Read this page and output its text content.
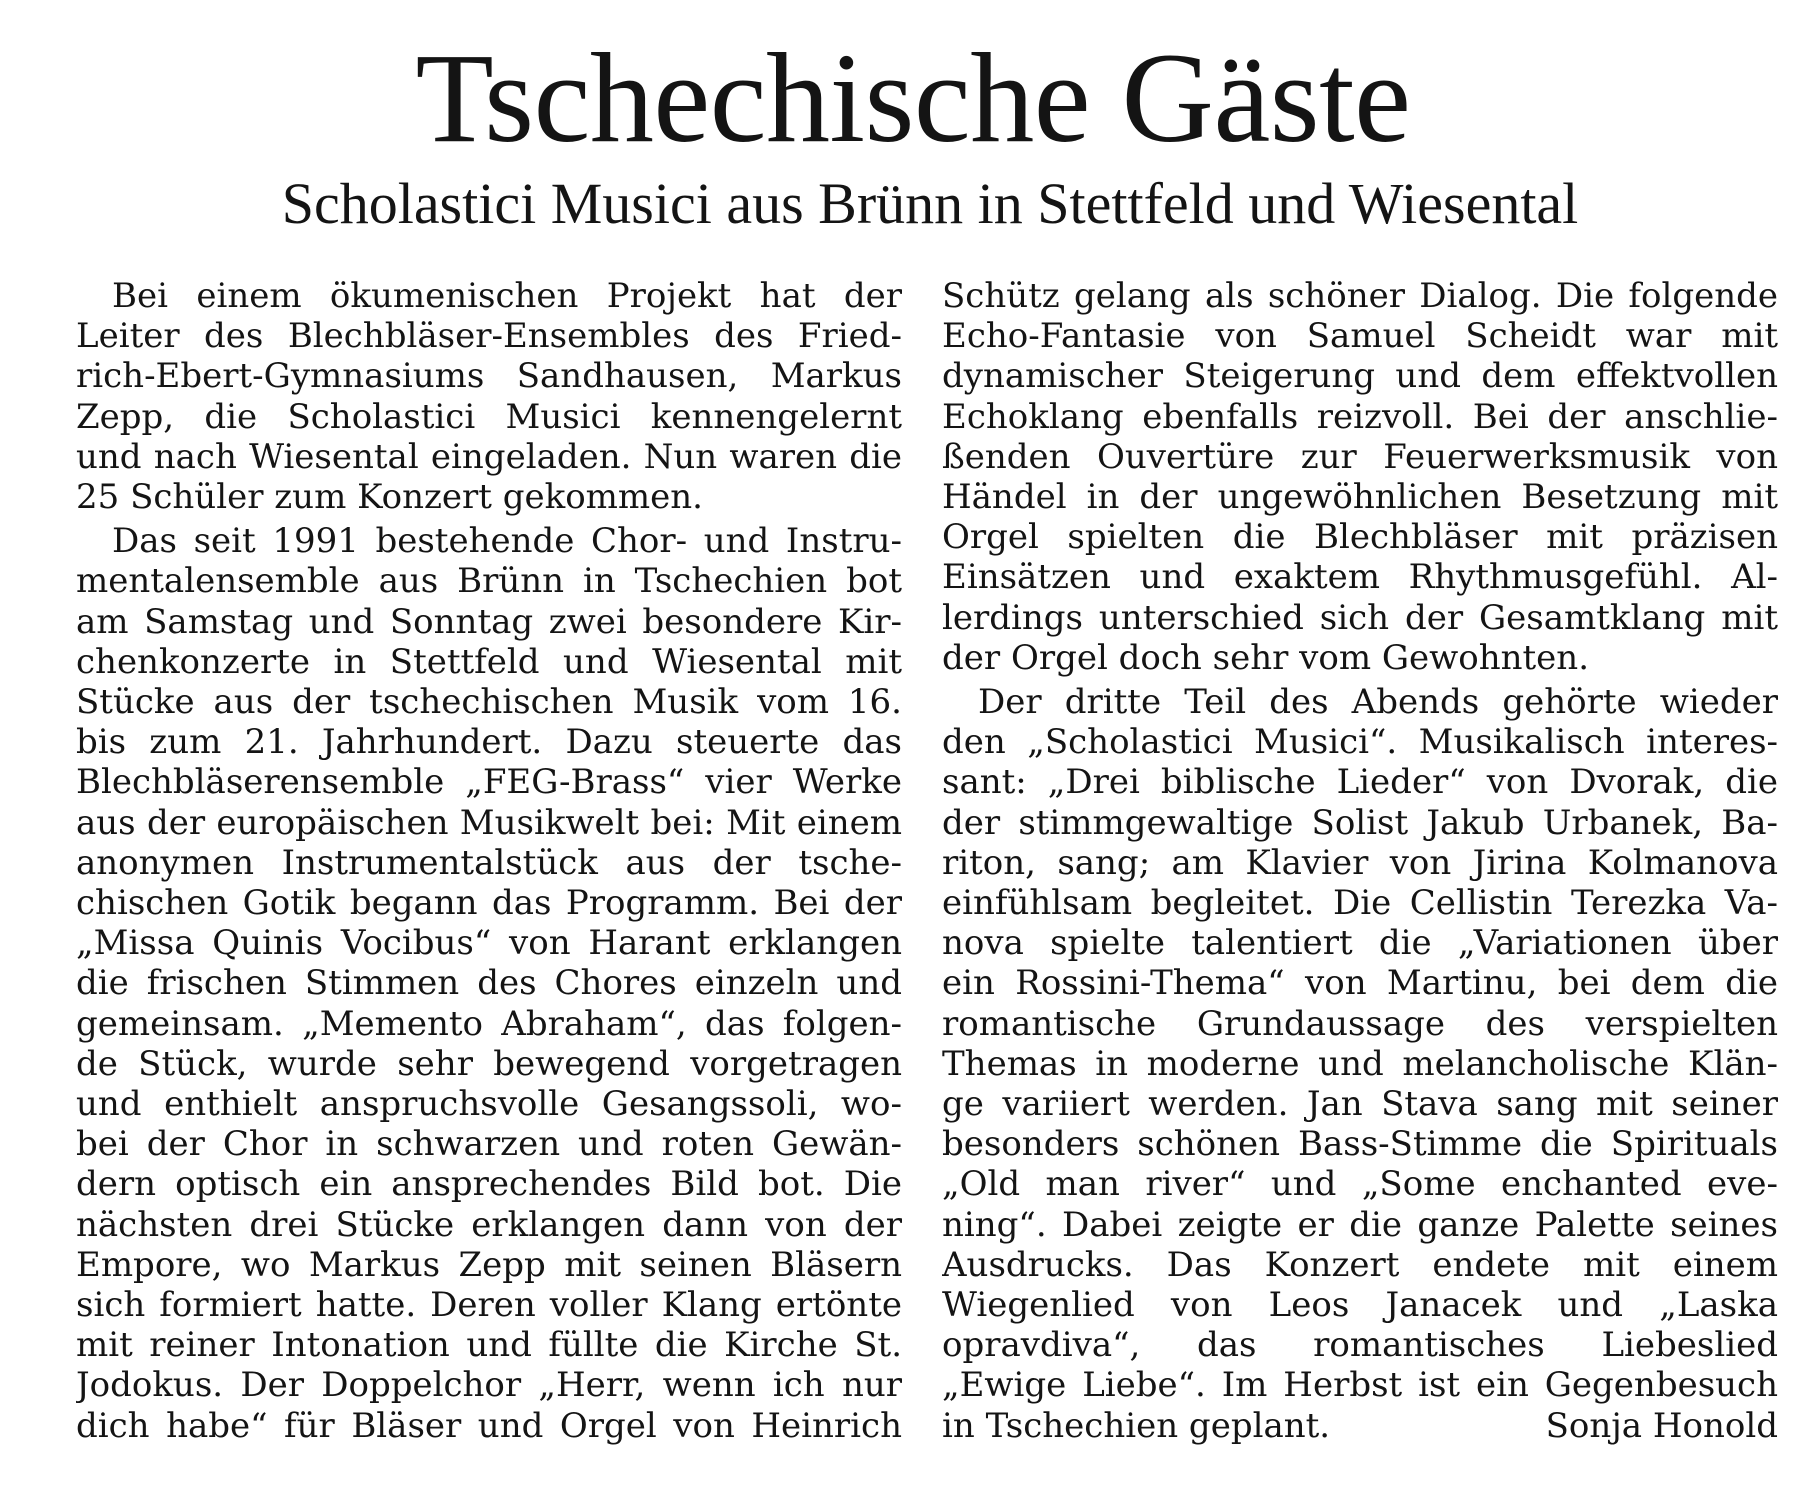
Tschechische Gäste
Scholastici Musici aus Brünn in Stettfeld und Wiesental
Bei einem ökumenischen Projekt hat der
Leiter des Blechbläser-Ensembles des Fried-
rich-Ebert-Gymnasiums Sandhausen, Markus
Zepp, die Scholastici Musici kennengelernt
und nach Wiesental eingeladen. Nun waren die
25 Schüler zum Konzert gekommen.
Das seit 1991 bestehende Chor- und Instru-
mentalensemble aus Brünn in Tschechien bot
am Samstag und Sonntag zwei besondere Kir-
chenkonzerte in Stettfeld und Wiesental mit
Stücke aus der tschechischen Musik vom 16.
bis zum 21. Jahrhundert. Dazu steuerte das
Blechbläserensemble „FEG-Brass“ vier Werke
aus der europäischen Musikwelt bei: Mit einem
anonymen Instrumentalstück aus der tsche-
chischen Gotik begann das Programm. Bei der
„Missa Quinis Vocibus“ von Harant erklangen
die frischen Stimmen des Chores einzeln und
gemeinsam. „Memento Abraham“, das folgen-
de Stück, wurde sehr bewegend vorgetragen
und enthielt anspruchsvolle Gesangssoli, wo-
bei der Chor in schwarzen und roten Gewän-
dern optisch ein ansprechendes Bild bot. Die
nächsten drei Stücke erklangen dann von der
Empore, wo Markus Zepp mit seinen Bläsern
sich formiert hatte. Deren voller Klang ertönte
mit reiner Intonation und füllte die Kirche St.
Jodokus. Der Doppelchor „Herr, wenn ich nur
dich habe“ für Bläser und Orgel von Heinrich
Schütz gelang als schöner Dialog. Die folgende
Echo-Fantasie von Samuel Scheidt war mit
dynamischer Steigerung und dem effektvollen
Echoklang ebenfalls reizvoll. Bei der anschlie-
ßenden Ouvertüre zur Feuerwerksmusik von
Händel in der ungewöhnlichen Besetzung mit
Orgel spielten die Blechbläser mit präzisen
Einsätzen und exaktem Rhythmusgefühl. Al-
lerdings unterschied sich der Gesamtklang mit
der Orgel doch sehr vom Gewohnten.
Der dritte Teil des Abends gehörte wieder
den „Scholastici Musici“. Musikalisch interes-
sant: „Drei biblische Lieder“ von Dvorak, die
der stimmgewaltige Solist Jakub Urbanek, Ba-
riton, sang; am Klavier von Jirina Kolmanova
einfühlsam begleitet. Die Cellistin Terezka Va-
nova spielte talentiert die „Variationen über
ein Rossini-Thema“ von Martinu, bei dem die
romantische Grundaussage des verspielten
Themas in moderne und melancholische Klän-
ge variiert werden. Jan Stava sang mit seiner
besonders schönen Bass-Stimme die Spirituals
„Old man river“ und „Some enchanted eve-
ning“. Dabei zeigte er die ganze Palette seines
Ausdrucks. Das Konzert endete mit einem
Wiegenlied von Leos Janacek und „Laska
opravdiva“, das romantisches Liebeslied
„Ewige Liebe“. Im Herbst ist ein Gegenbesuch
in Tschechien geplant.	Sonja Honold
